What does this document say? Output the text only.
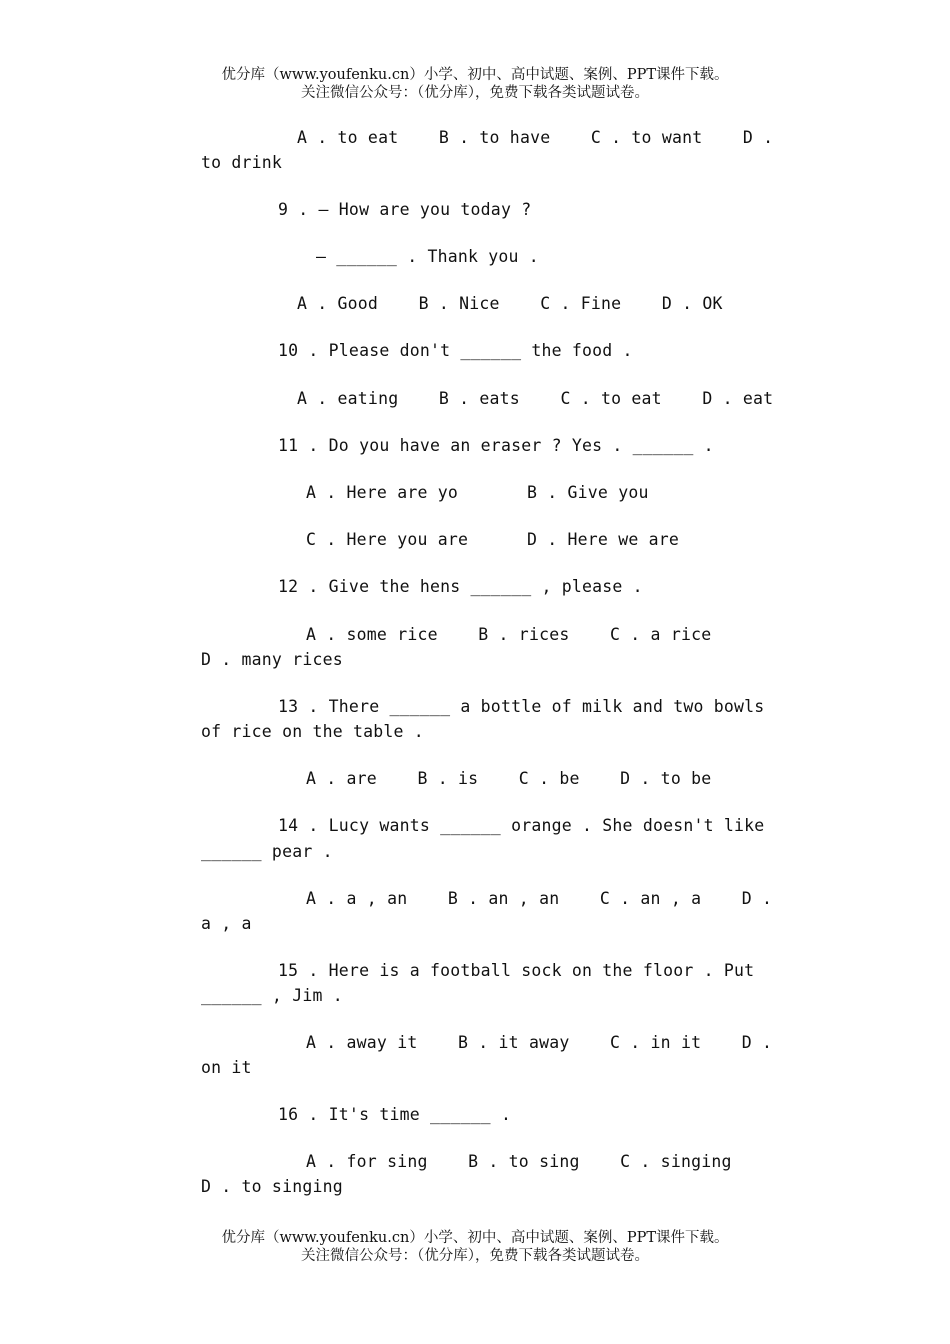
优分库（www.youfenku.cn）小学、初中、高中试题、案例、PPT课件下载。
关注微信公众号：（优分库），免费下载各类试题试卷。
A . to eat    B . to have    C . to want    D .
to drink
9 . — How are you today ?
— ______ . Thank you .
A . Good    B . Nice    C . Fine    D . OK
10 . Please don't ______ the food .
A . eating    B . eats    C . to eat    D . eat
11 . Do you have an eraser ? Yes . ______ .
A . Here are yo	B . Give you
C . Here you are	D . Here we are
12 . Give the hens ______ , please .
A . some rice    B . rices    C . a rice
D . many rices
13 . There ______ a bottle of milk and two bowls
of rice on the table .
A . are    B . is    C . be    D . to be
14 . Lucy wants ______ orange . She doesn't like
______ pear .
A . a , an    B . an , an    C . an , a    D .
a , a
15 . Here is a football sock on the floor . Put
______ , Jim .
A . away it    B . it away    C . in it    D .
on it
16 . It's time ______ .
A . for sing    B . to sing    C . singing
D . to singing
优分库（www.youfenku.cn）小学、初中、高中试题、案例、PPT课件下载。
关注微信公众号：（优分库），免费下载各类试题试卷。
